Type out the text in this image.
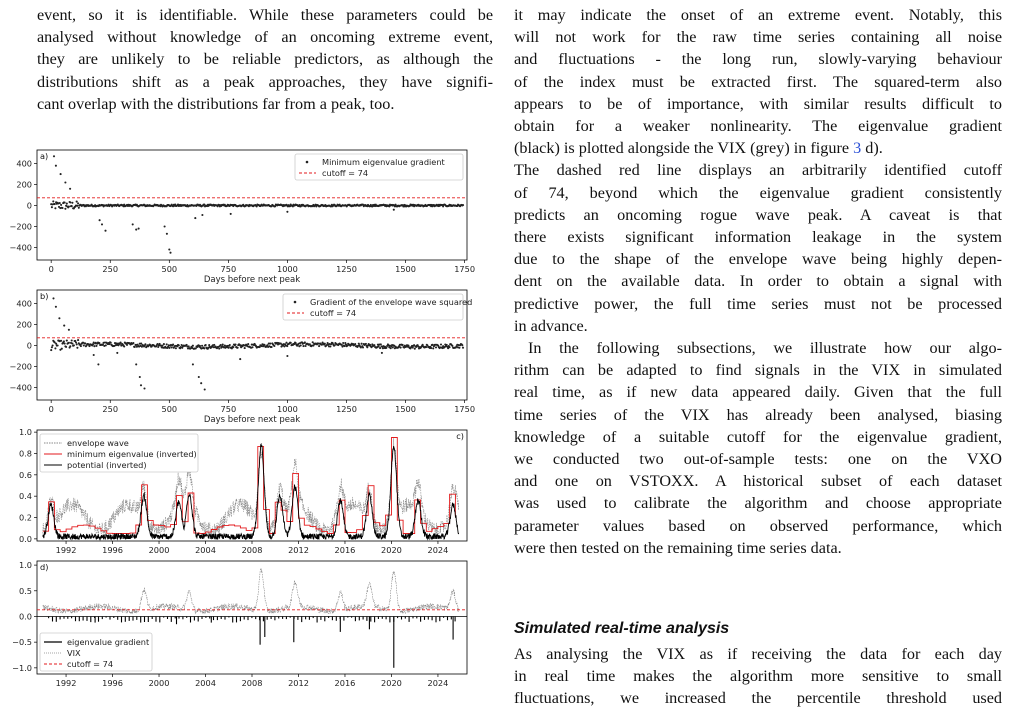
event, so it is identifiable. While these parameters could be
analysed without knowledge of an oncoming extreme event,
they are unlikely to be reliable predictors, as although the
distributions shift as a peak approaches, they have signifi-
cant overlap with the distributions far from a peak, too.

0	250	500	750	1000	1250	1500	1750
−400
−200
0
200
400
Days before next peak
a)
Minimum eigenvalue gradient
cutoff = 74
0	250	500	750	1000	1250	1500	1750
−400
−200
0
200
400
Days before next peak
b)
Gradient of the envelope wave squared
cutoff = 74
1992	1996	2000	2004	2008	2012	2016	2020	2024
0.0
0.2
0.4
0.6
0.8
1.0	c)
envelope wave
minimum eigenvalue (inverted)
potential (inverted)
1992	1996	2000	2004	2008	2012	2016	2020	2024
−1.0
−0.5
0.0
0.5
1.0 d)
eigenvalue gradient
VIX
cutoff = 74

it may indicate the onset of an extreme event. Notably, this
will not work for the raw time series containing all noise
and fluctuations - the long run, slowly-varying behaviour
of the index must be extracted first. The squared-term also
appears to be of importance, with similar results difficult to
obtain for a weaker nonlinearity. The eigenvalue gradient
(black) is plotted alongside the VIX (grey) in figure 3 d).
The dashed red line displays an arbitrarily identified cutoff
of 74, beyond which the eigenvalue gradient consistently
predicts an oncoming rogue wave peak. A caveat is that
there exists significant information leakage in the system
due to the shape of the envelope wave being highly depen-
dent on the available data. In order to obtain a signal with
predictive power, the full time series must not be processed
in advance.
In the following subsections, we illustrate how our algo-
rithm can be adapted to find signals in the VIX in simulated
real time, as if new data appeared daily. Given that the full
time series of the VIX has already been analysed, biasing
knowledge of a suitable cutoff for the eigenvalue gradient,
we conducted two out-of-sample tests: one on the VXO
and one on VSTOXX. A historical subset of each dataset
was used to calibrate the algorithm and choose appropriate
parameter values based on observed performance, which
were then tested on the remaining time series data.

Simulated real-time analysis

As analysing the VIX as if receiving the data for each day
in real time makes the algorithm more sensitive to small
fluctuations, we increased the percentile threshold used
